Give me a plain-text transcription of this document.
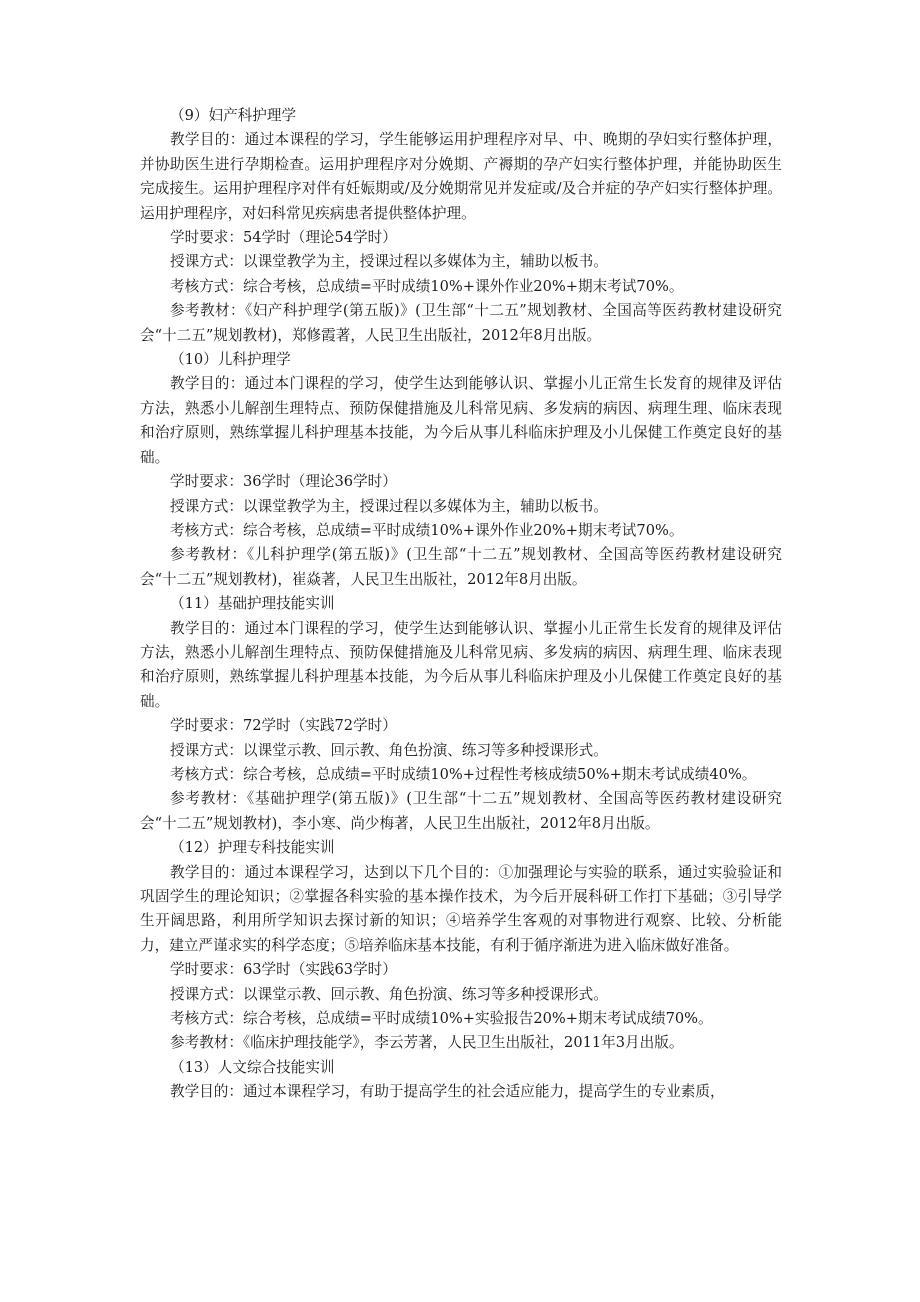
（9）妇产科护理学

教学目的：通过本课程的学习，学生能够运用护理程序对早、中、晚期的孕妇实行整体护理，并协助医生进行孕期检查。运用护理程序对分娩期、产褥期的孕产妇实行整体护理，并能协助医生完成接生。运用护理程序对伴有妊娠期或/及分娩期常见并发症或/及合并症的孕产妇实行整体护理。运用护理程序，对妇科常见疾病患者提供整体护理。

学时要求：54学时（理论54学时）

授课方式：以课堂教学为主，授课过程以多媒体为主，辅助以板书。

考核方式：综合考核，总成绩=平时成绩10%+课外作业20%+期末考试70%。

参考教材：《妇产科护理学(第五版)》(卫生部“十二五”规划教材、全国高等医药教材建设研究会“十二五”规划教材)，郑修霞著，人民卫生出版社，2012年8月出版。

（10）儿科护理学

教学目的：通过本门课程的学习，使学生达到能够认识、掌握小儿正常生长发育的规律及评估方法，熟悉小儿解剖生理特点、预防保健措施及儿科常见病、多发病的病因、病理生理、临床表现和治疗原则，熟练掌握儿科护理基本技能，为今后从事儿科临床护理及小儿保健工作奠定良好的基础。

学时要求：36学时（理论36学时）

授课方式：以课堂教学为主，授课过程以多媒体为主，辅助以板书。

考核方式：综合考核，总成绩=平时成绩10%+课外作业20%+期末考试70%。

参考教材：《儿科护理学(第五版)》(卫生部“十二五”规划教材、全国高等医药教材建设研究会“十二五”规划教材)，崔焱著，人民卫生出版社，2012年8月出版。

（11）基础护理技能实训

教学目的：通过本门课程的学习，使学生达到能够认识、掌握小儿正常生长发育的规律及评估方法，熟悉小儿解剖生理特点、预防保健措施及儿科常见病、多发病的病因、病理生理、临床表现和治疗原则，熟练掌握儿科护理基本技能，为今后从事儿科临床护理及小儿保健工作奠定良好的基础。

学时要求：72学时（实践72学时）

授课方式：以课堂示教、回示教、角色扮演、练习等多种授课形式。

考核方式：综合考核，总成绩=平时成绩10%+过程性考核成绩50%+期末考试成绩40%。

参考教材：《基础护理学(第五版)》(卫生部“十二五”规划教材、全国高等医药教材建设研究会“十二五”规划教材)，李小寒、尚少梅著，人民卫生出版社，2012年8月出版。

（12）护理专科技能实训

教学目的：通过本课程学习，达到以下几个目的：①加强理论与实验的联系，通过实验验证和巩固学生的理论知识；②掌握各科实验的基本操作技术，为今后开展科研工作打下基础；③引导学生开阔思路，利用所学知识去探讨新的知识；④培养学生客观的对事物进行观察、比较、分析能力，建立严谨求实的科学态度；⑤培养临床基本技能，有利于循序渐进为进入临床做好准备。

学时要求：63学时（实践63学时）

授课方式：以课堂示教、回示教、角色扮演、练习等多种授课形式。

考核方式：综合考核，总成绩=平时成绩10%+实验报告20%+期末考试成绩70%。

参考教材：《临床护理技能学》，李云芳著，人民卫生出版社，2011年3月出版。

（13）人文综合技能实训

教学目的：通过本课程学习，有助于提高学生的社会适应能力，提高学生的专业素质，
